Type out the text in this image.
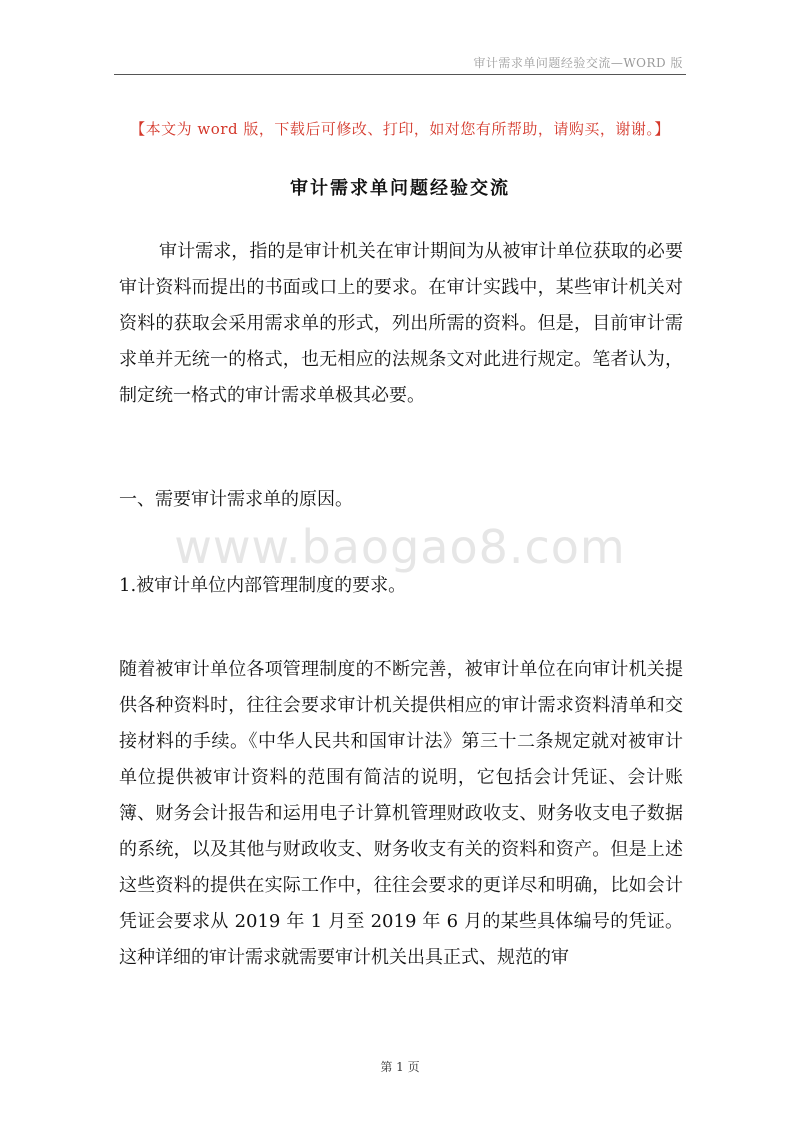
审计需求单问题经验交流—WORD 版
【本文为 word 版，下载后可修改、打印，如对您有所帮助，请购买，谢谢。】
审计需求单问题经验交流

审计需求，指的是审计机关在审计期间为从被审计单位获取的必要审计资料而提出的书面或口上的要求。在审计实践中，某些审计机关对资料的获取会采用需求单的形式，列出所需的资料。但是，目前审计需求单并无统一的格式，也无相应的法规条文对此进行规定。笔者认为，制定统一格式的审计需求单极其必要。

一、需要审计需求单的原因。

www.baogao8.com

1.被审计单位内部管理制度的要求。

随着被审计单位各项管理制度的不断完善，被审计单位在向审计机关提供各种资料时，往往会要求审计机关提供相应的审计需求资料清单和交接材料的手续。《中华人民共和国审计法》第三十二条规定就对被审计单位提供被审计资料的范围有简洁的说明，它包括会计凭证、会计账簿、财务会计报告和运用电子计算机管理财政收支、财务收支电子数据的系统，以及其他与财政收支、财务收支有关的资料和资产。但是上述这些资料的提供在实际工作中，往往会要求的更详尽和明确，比如会计凭证会要求从 2019 年 1 月至 2019 年 6 月的某些具体编号的凭证。这种详细的审计需求就需要审计机关出具正式、规范的审

第 1 页
